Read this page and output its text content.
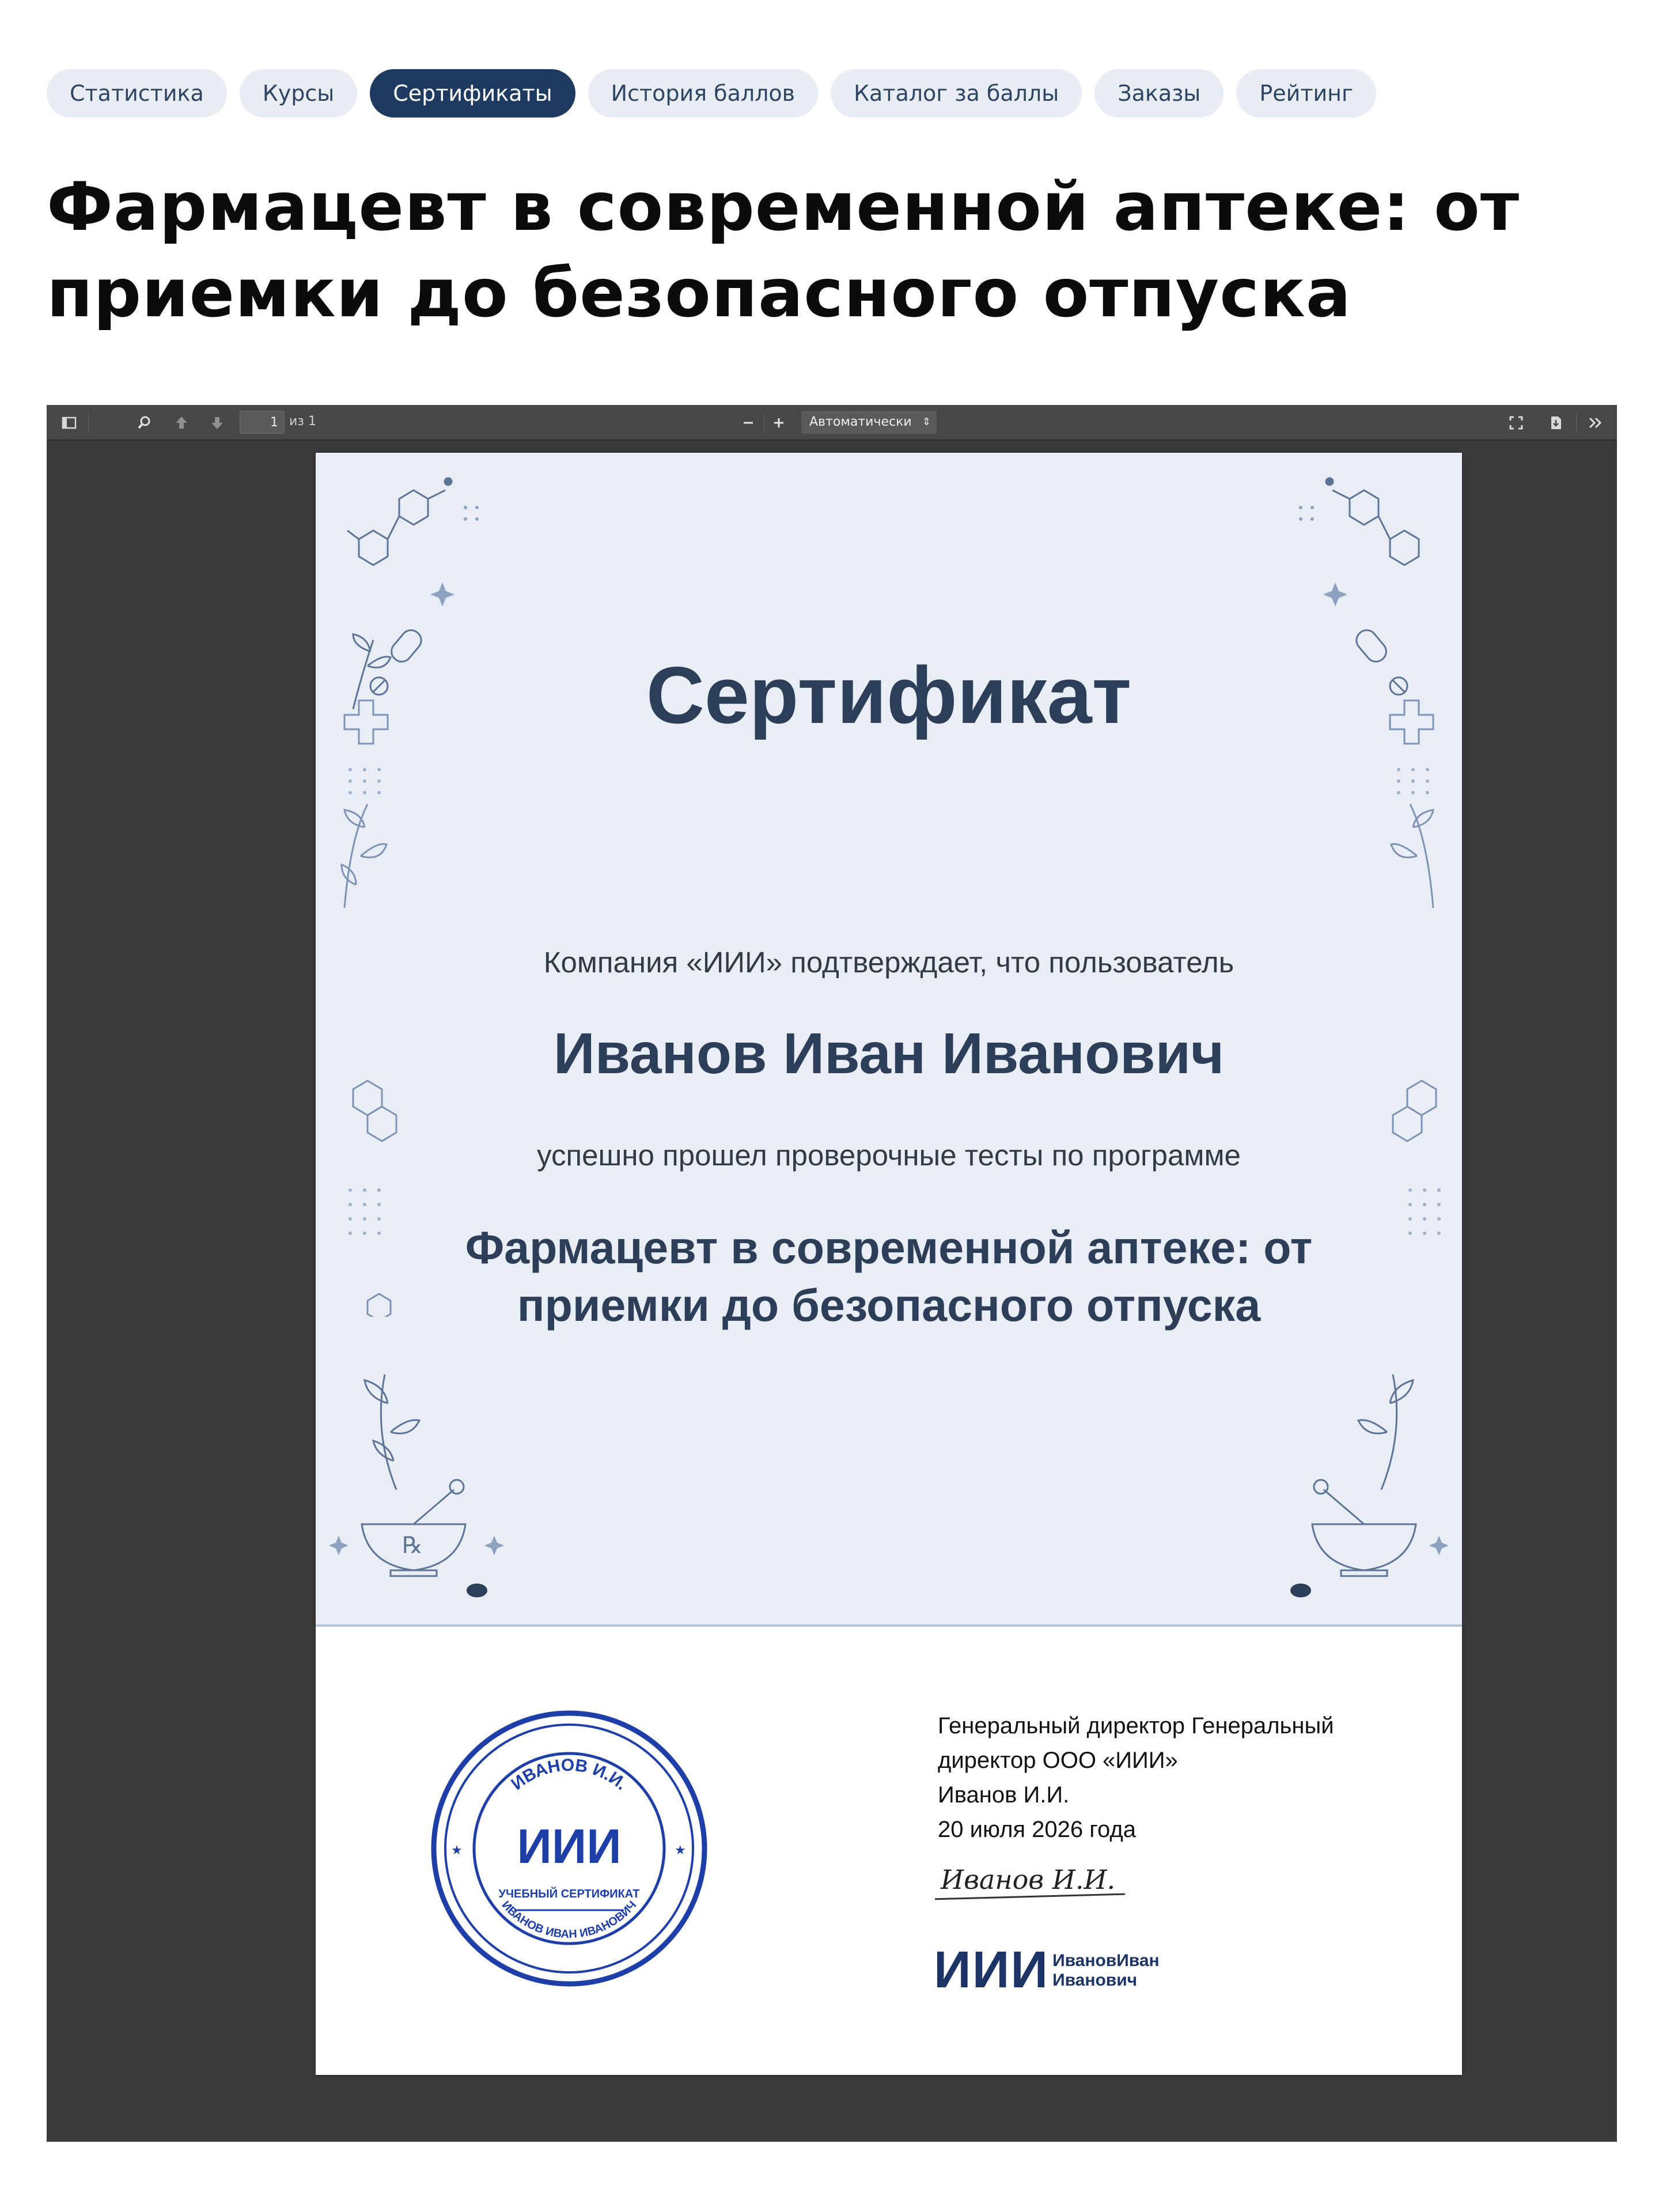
Статистика	Курсы	Сертификаты	История баллов	Каталог за баллы	Заказы	Рейтинг
Фармацевт в современной аптеке: от
приемки до безопасного отпуска
1
из 1	Автоматически ⇕
℞
Сертификат
Компания «ИИИ» подтверждает, что пользователь
Иванов Иван Иванович
успешно прошел проверочные тесты по программе
Фармацевт в современной аптеке: от
приемки до безопасного отпуска
ИВАНОВ И.И.
ИВАНОВ ИВАН ИВАНОВИЧ
ИИИ
УЧЕБНЫЙ СЕРТИФИКАТ
★	★
Генеральный директор Генеральный
директор ООО «ИИИ»
Иванов И.И.
20 июля 2026 года
Иванов И.И.
ИИИ ИвановИван
Иванович
